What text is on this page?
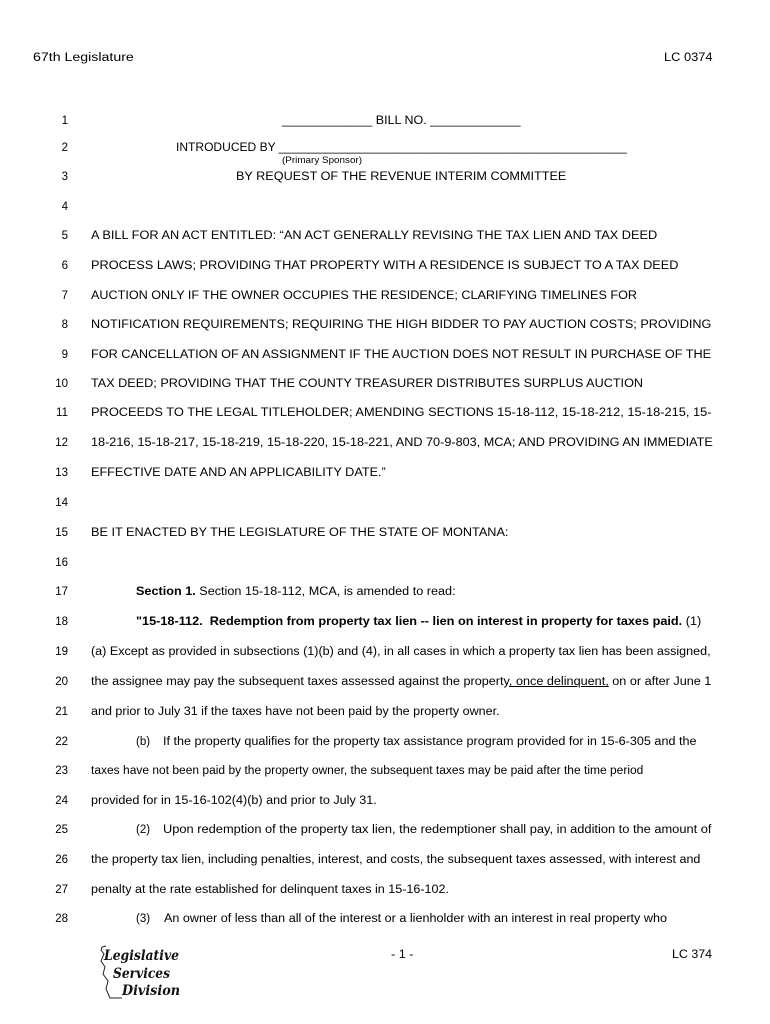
67th Legislature	LC 0374
1	_____________ BILL NO. _____________
2	INTRODUCED BY ____________________________________________________
(Primary Sponsor)
3	BY REQUEST OF THE REVENUE INTERIM COMMITTEE
4
5 A BILL FOR AN ACT ENTITLED: “AN ACT GENERALLY REVISING THE TAX LIEN AND TAX DEED
6 PROCESS LAWS; PROVIDING THAT PROPERTY WITH A RESIDENCE IS SUBJECT TO A TAX DEED
7 AUCTION ONLY IF THE OWNER OCCUPIES THE RESIDENCE; CLARIFYING TIMELINES FOR
8 NOTIFICATION REQUIREMENTS; REQUIRING THE HIGH BIDDER TO PAY AUCTION COSTS; PROVIDING
9 FOR CANCELLATION OF AN ASSIGNMENT IF THE AUCTION DOES NOT RESULT IN PURCHASE OF THE
10 TAX DEED; PROVIDING THAT THE COUNTY TREASURER DISTRIBUTES SURPLUS AUCTION
11 PROCEEDS TO THE LEGAL TITLEHOLDER; AMENDING SECTIONS 15-18-112, 15-18-212, 15-18-215, 15-
12 18-216, 15-18-217, 15-18-219, 15-18-220, 15-18-221, AND 70-9-803, MCA; AND PROVIDING AN IMMEDIATE
13 EFFECTIVE DATE AND AN APPLICABILITY DATE.”
14
15 BE IT ENACTED BY THE LEGISLATURE OF THE STATE OF MONTANA:
16
17	Section 1. Section 15-18-112, MCA, is amended to read:
18	"15-18-112.  Redemption from property tax lien -- lien on interest in property for taxes paid. (1)
19 (a) Except as provided in subsections (1)(b) and (4), in all cases in which a property tax lien has been assigned,
20 the assignee may pay the subsequent taxes assessed against the property, once delinquent, on or after June 1
21 and prior to July 31 if the taxes have not been paid by the property owner.
22	(b) If the property qualifies for the property tax assistance program provided for in 15-6-305 and the
23 taxes have not been paid by the property owner, the subsequent taxes may be paid after the time period
24 provided for in 15-16-102(4)(b) and prior to July 31.
25	(2) Upon redemption of the property tax lien, the redemptioner shall pay, in addition to the amount of
26 the property tax lien, including penalties, interest, and costs, the subsequent taxes assessed, with interest and
27 penalty at the rate established for delinquent taxes in 15-16-102.
28	(3) An owner of less than all of the interest or a lienholder with an interest in real property who
- 1 -	LC 374
Legislative
Services
Division
